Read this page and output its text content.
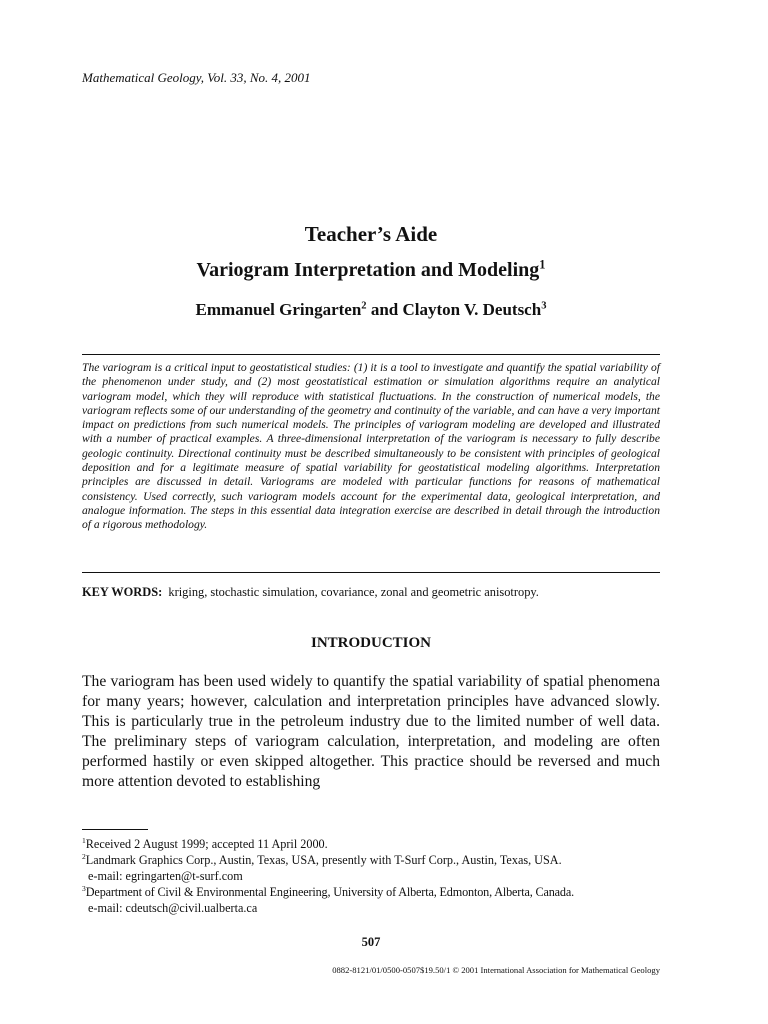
Mathematical Geology, Vol. 33, No. 4, 2001
Teacher’s Aide
Variogram Interpretation and Modeling$^1$
Emmanuel Gringarten$^2$ and Clayton V. Deutsch$^3$
The variogram is a critical input to geostatistical studies: (1) it is a tool to investigate and quantify the spatial variability of the phenomenon under study, and (2) most geostatistical estimation or simulation algorithms require an analytical variogram model, which they will reproduce with statistical fluctuations. In the construction of numerical models, the variogram reflects some of our understanding of the geometry and continuity of the variable, and can have a very important impact on predictions from such numerical models. The principles of variogram modeling are developed and illustrated with a number of practical examples. A three-dimensional interpretation of the variogram is necessary to fully describe geologic continuity. Directional continuity must be described simultaneously to be consistent with principles of geological deposition and for a legitimate measure of spatial variability for geostatistical modeling algorithms. Interpretation principles are discussed in detail. Variograms are modeled with particular functions for reasons of mathematical consistency. Used correctly, such variogram models account for the experimental data, geological interpretation, and analogue information. The steps in this essential data integration exercise are described in detail through the introduction of a rigorous methodology.
KEY WORDS: kriging, stochastic simulation, covariance, zonal and geometric anisotropy.
INTRODUCTION
The variogram has been used widely to quantify the spatial variability of spatial phenomena for many years; however, calculation and interpretation principles have advanced slowly. This is particularly true in the petroleum industry due to the limited number of well data. The preliminary steps of variogram calculation, interpretation, and modeling are often performed hastily or even skipped altogether. This practice should be reversed and much more attention devoted to establishing
$^1$Received 2 August 1999; accepted 11 April 2000.
$^2$Landmark Graphics Corp., Austin, Texas, USA, presently with T-Surf Corp., Austin, Texas, USA.
e-mail: egringarten@t-surf.com
$^3$Department of Civil & Environmental Engineering, University of Alberta, Edmonton, Alberta, Canada.
e-mail: cdeutsch@civil.ualberta.ca
507
0882-8121/01/0500-0507$19.50/1 © 2001 International Association for Mathematical Geology
